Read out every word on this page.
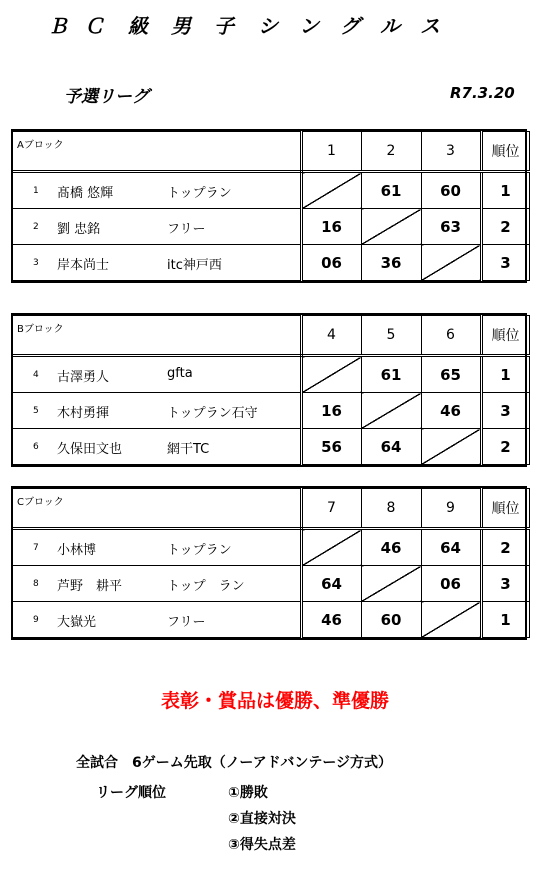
Ｂ Ｃ 級 男 子 シ ン グ ル ス
予選リーグ	R7.3.20
Aブロック	1	2	3	順位

1 髙橋 悠輝 トップラン		61	60	1

2 劉 忠銘 フリー	16		63	2

3 岸本尚士 itc神戸西	06	36		3
Bブロック	4	5	6	順位

4 古澤勇人 gfta		61	65	1

5 木村勇揮 トップラン石守	16		46	3

6 久保田文也 網干TC	56	64		2
Cブロック	7	8	9	順位

7 小林博 トップラン		46	64	2

8 芦野　耕平 トップ　ラン	64		06	3

9 大嶽光 フリー	46	60		1
表彰・賞品は優勝、準優勝
全試合　6ゲーム先取（ノーアドバンテージ方式）
リーグ順位	①勝敗
②直接対決
③得失点差
